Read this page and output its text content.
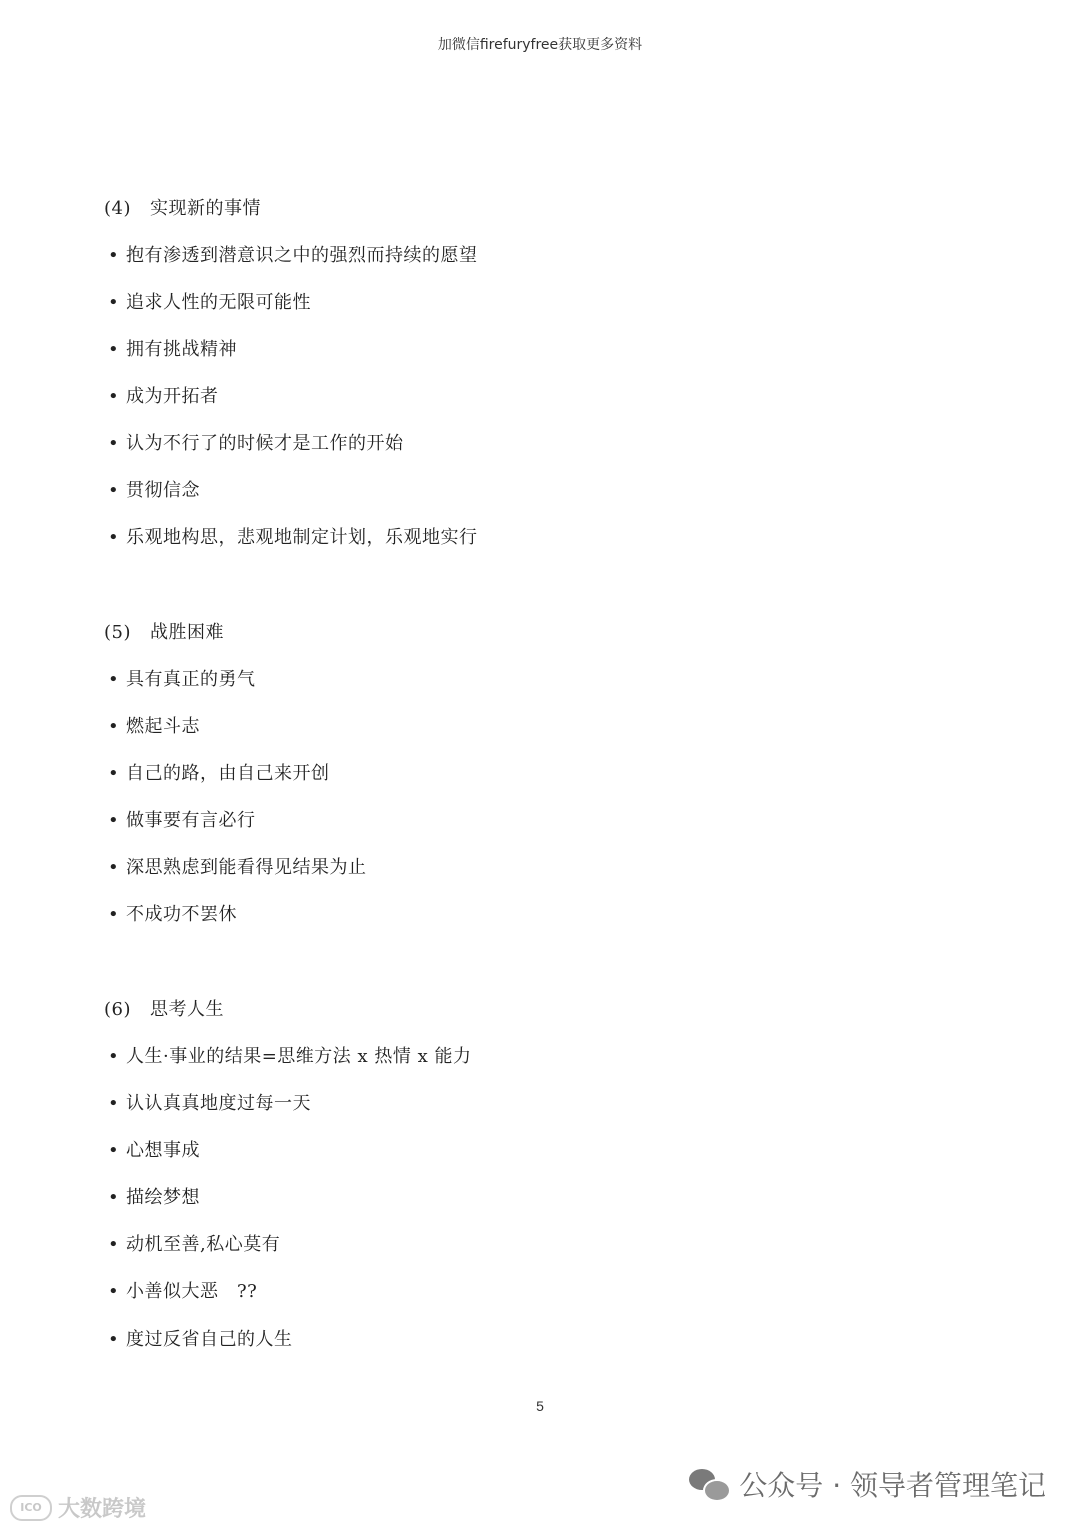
加微信firefuryfree获取更多资料
(4) 实现新的事情
• 抱有渗透到潜意识之中的强烈而持续的愿望
• 追求人性的无限可能性
• 拥有挑战精神
• 成为开拓者
• 认为不行了的时候才是工作的开始
• 贯彻信念
• 乐观地构思，悲观地制定计划，乐观地实行
(5) 战胜困难
• 具有真正的勇气
• 燃起斗志
• 自己的路，由自己来开创
• 做事要有言必行
• 深思熟虑到能看得见结果为止
• 不成功不罢休
(6) 思考人生
• 人生·事业的结果=思维方法 x 热情 x 能力
• 认认真真地度过每一天
• 心想事成
• 描绘梦想
• 动机至善,私心莫有
• 小善似大恶　??
• 度过反省自己的人生
5
公众号 · 领导者管理笔记
ICO 大数跨境
